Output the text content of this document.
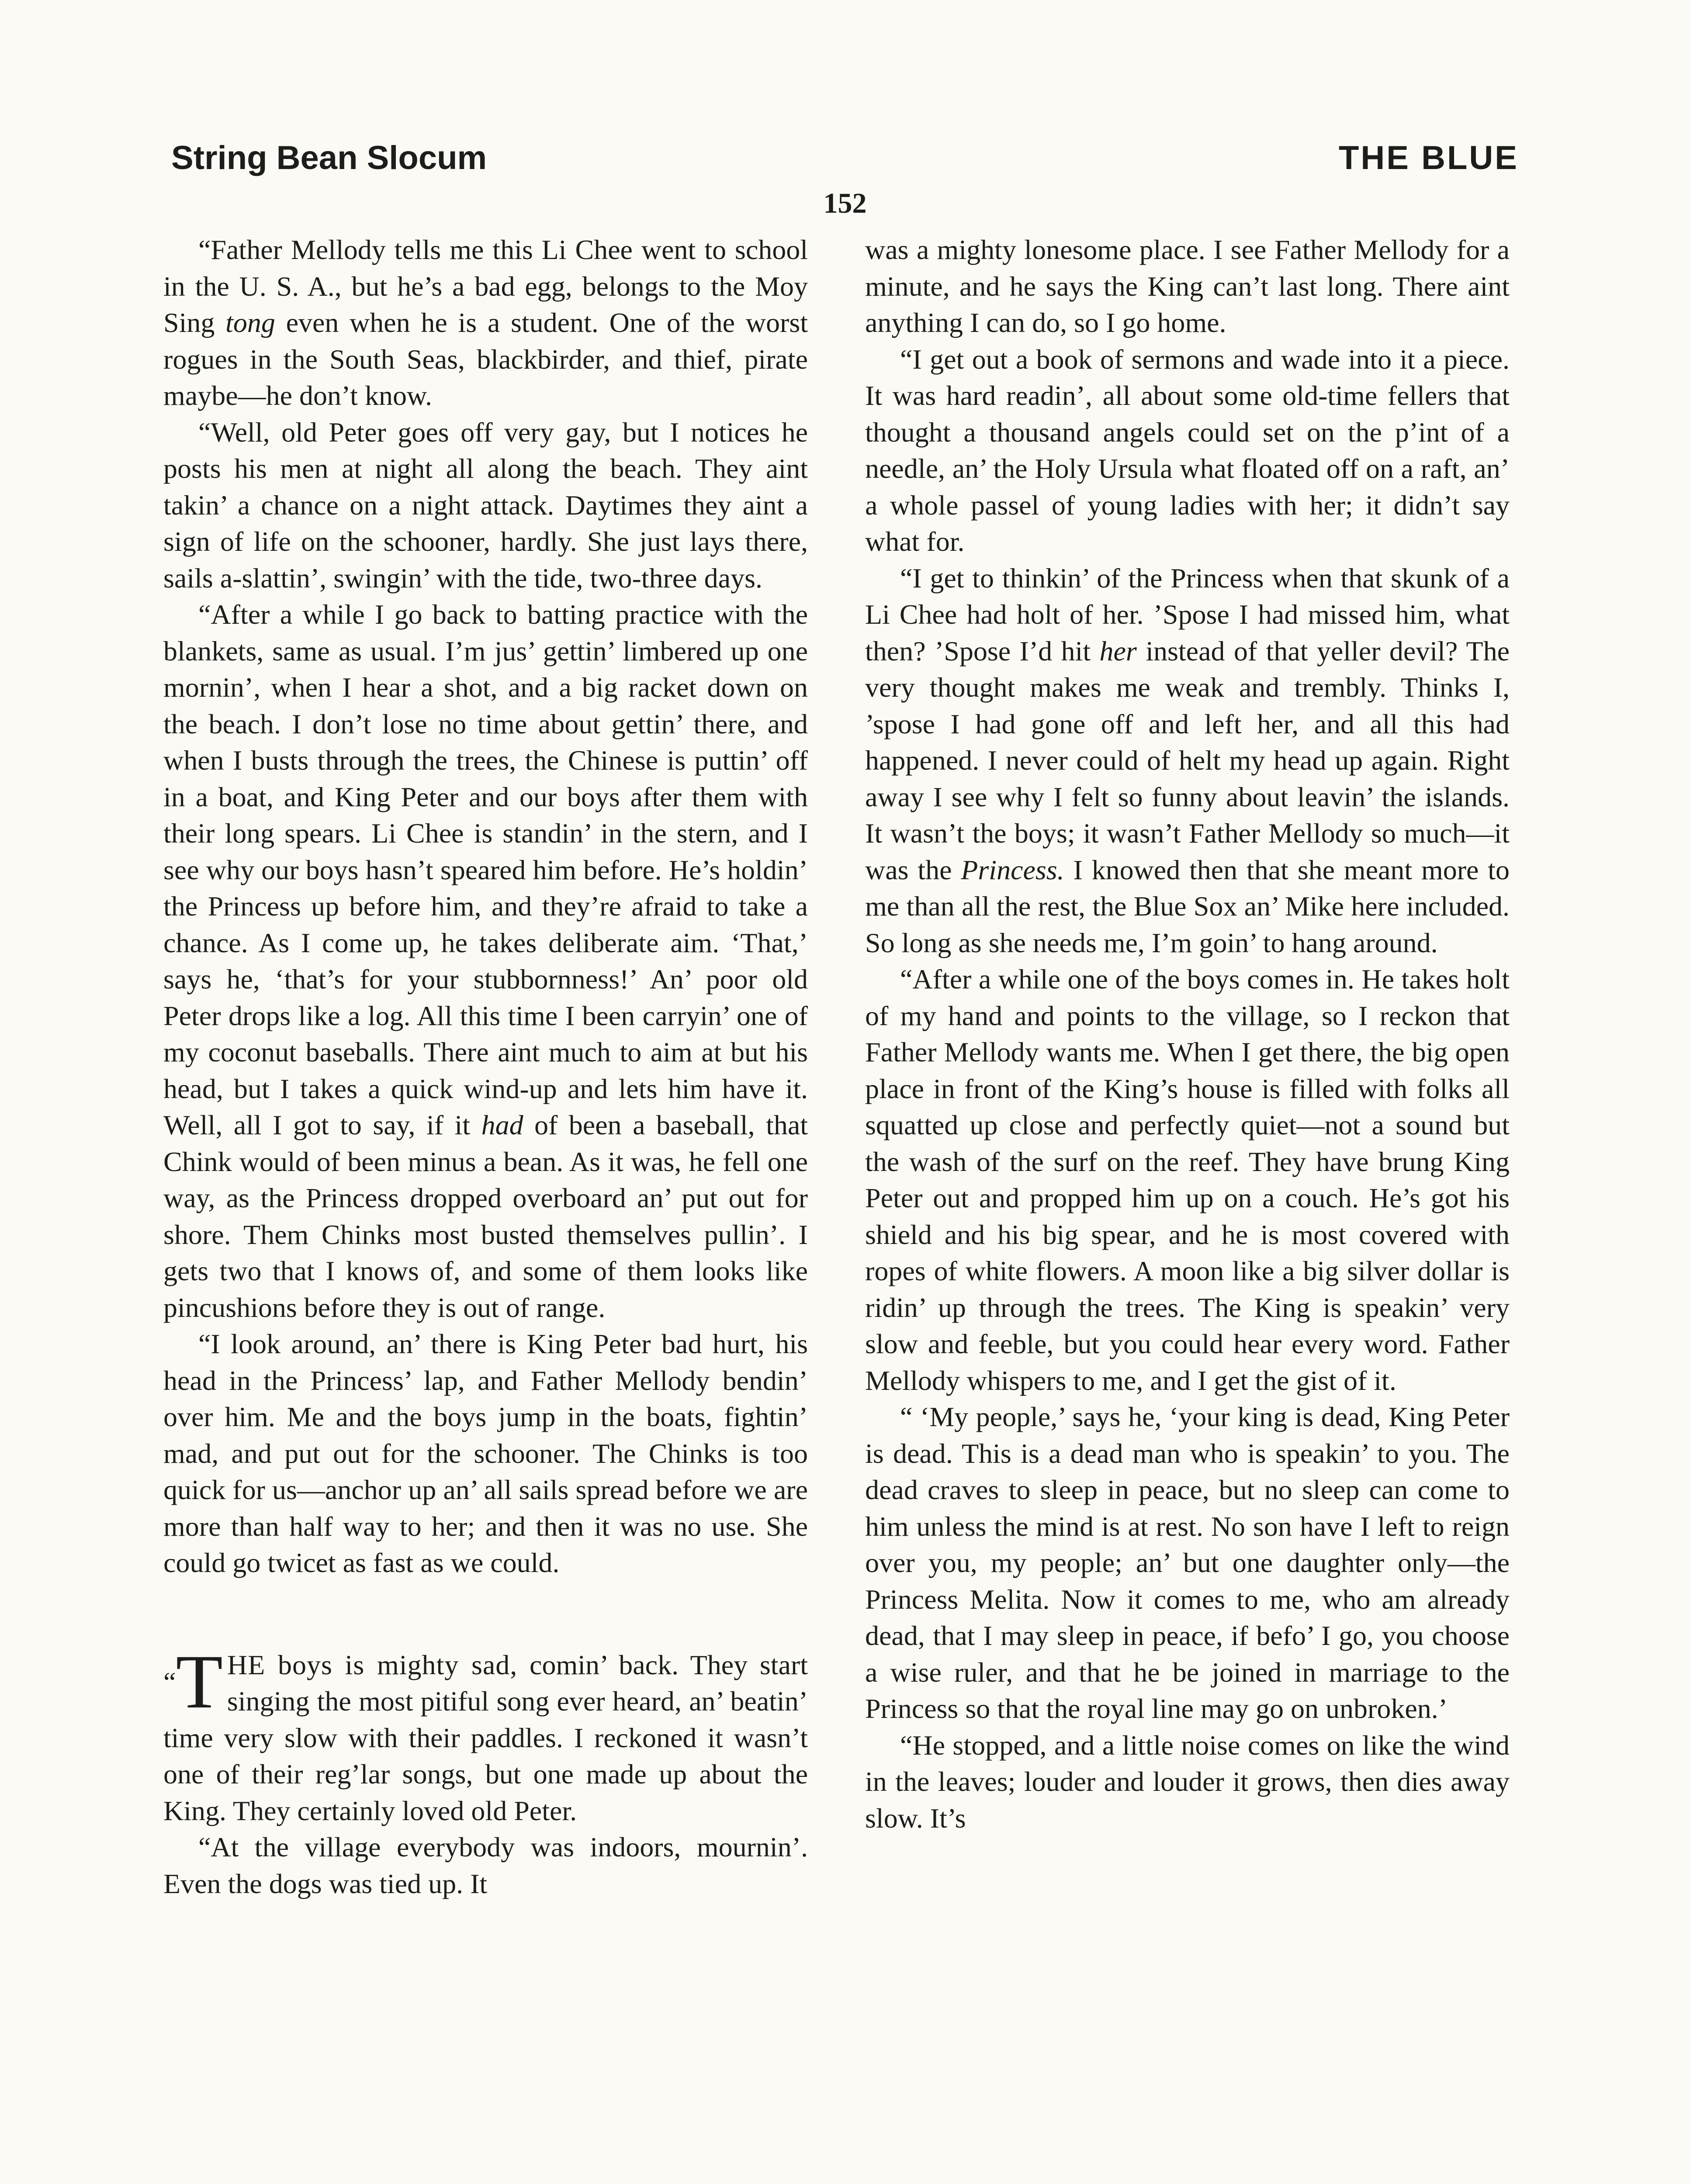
String Bean Slocum	THE BLUE
152

“Father Mellody tells me this Li Chee went to school in the U. S. A., but he’s a bad egg, belongs to the Moy Sing tong even when he is a student. One of the worst rogues in the South Seas, blackbirder, and thief, pirate maybe—he don’t know.

“Well, old Peter goes off very gay, but I notices he posts his men at night all along the beach. They aint takin’ a chance on a night attack. Daytimes they aint a sign of life on the schooner, hardly. She just lays there, sails a-slattin’, swingin’ with the tide, two-three days.

“After a while I go back to batting practice with the blankets, same as usual. I’m jus’ gettin’ limbered up one mornin’, when I hear a shot, and a big racket down on the beach. I don’t lose no time about gettin’ there, and when I busts through the trees, the Chinese is puttin’ off in a boat, and King Peter and our boys after them with their long spears. Li Chee is standin’ in the stern, and I see why our boys hasn’t speared him before. He’s holdin’ the Princess up before him, and they’re afraid to take a chance. As I come up, he takes deliberate aim. ‘That,’ says he, ‘that’s for your stubbornness!’ An’ poor old Peter drops like a log. All this time I been carryin’ one of my coconut baseballs. There aint much to aim at but his head, but I takes a quick wind-up and lets him have it. Well, all I got to say, if it had of been a baseball, that Chink would of been minus a bean. As it was, he fell one way, as the Princess dropped overboard an’ put out for shore. Them Chinks most busted themselves pullin’. I gets two that I knows of, and some of them looks like pincushions before they is out of range.

“I look around, an’ there is King Peter bad hurt, his head in the Princess’ lap, and Father Mellody bendin’ over him. Me and the boys jump in the boats, fightin’ mad, and put out for the schooner. The Chinks is too quick for us—anchor up an’ all sails spread before we are more than half way to her; and then it was no use. She could go twicet as fast as we could.

“ T HE boys is mighty sad, comin’ back. They start singing the most pitiful song ever heard, an’ beatin’ time very slow with their paddles. I reckoned it wasn’t one of their reg’lar songs, but one made up about the King. They certainly loved old Peter.

“At the village everybody was indoors, mournin’. Even the dogs was tied up. It

was a mighty lonesome place. I see Father Mellody for a minute, and he says the King can’t last long. There aint anything I can do, so I go home.

“I get out a book of sermons and wade into it a piece. It was hard readin’, all about some old-time fellers that thought a thousand angels could set on the p’int of a needle, an’ the Holy Ursula what floated off on a raft, an’ a whole passel of young ladies with her; it didn’t say what for.

“I get to thinkin’ of the Princess when that skunk of a Li Chee had holt of her. ’Spose I had missed him, what then? ’Spose I’d hit her instead of that yeller devil? The very thought makes me weak and trembly. Thinks I, ’spose I had gone off and left her, and all this had happened. I never could of helt my head up again. Right away I see why I felt so funny about leavin’ the islands. It wasn’t the boys; it wasn’t Father Mellody so much—it was the Princess. I knowed then that she meant more to me than all the rest, the Blue Sox an’ Mike here included. So long as she needs me, I’m goin’ to hang around.

“After a while one of the boys comes in. He takes holt of my hand and points to the village, so I reckon that Father Mellody wants me. When I get there, the big open place in front of the King’s house is filled with folks all squatted up close and perfectly quiet—not a sound but the wash of the surf on the reef. They have brung King Peter out and propped him up on a couch. He’s got his shield and his big spear, and he is most covered with ropes of white flowers. A moon like a big silver dollar is ridin’ up through the trees. The King is speakin’ very slow and feeble, but you could hear every word. Father Mellody whispers to me, and I get the gist of it.

“ ‘My people,’ says he, ‘your king is dead, King Peter is dead. This is a dead man who is speakin’ to you. The dead craves to sleep in peace, but no sleep can come to him unless the mind is at rest. No son have I left to reign over you, my people; an’ but one daughter only—the Princess Melita. Now it comes to me, who am already dead, that I may sleep in peace, if befo’ I go, you choose a wise ruler, and that he be joined in marriage to the Princess so that the royal line may go on unbroken.’

“He stopped, and a little noise comes on like the wind in the leaves; louder and louder it grows, then dies away slow. It’s
